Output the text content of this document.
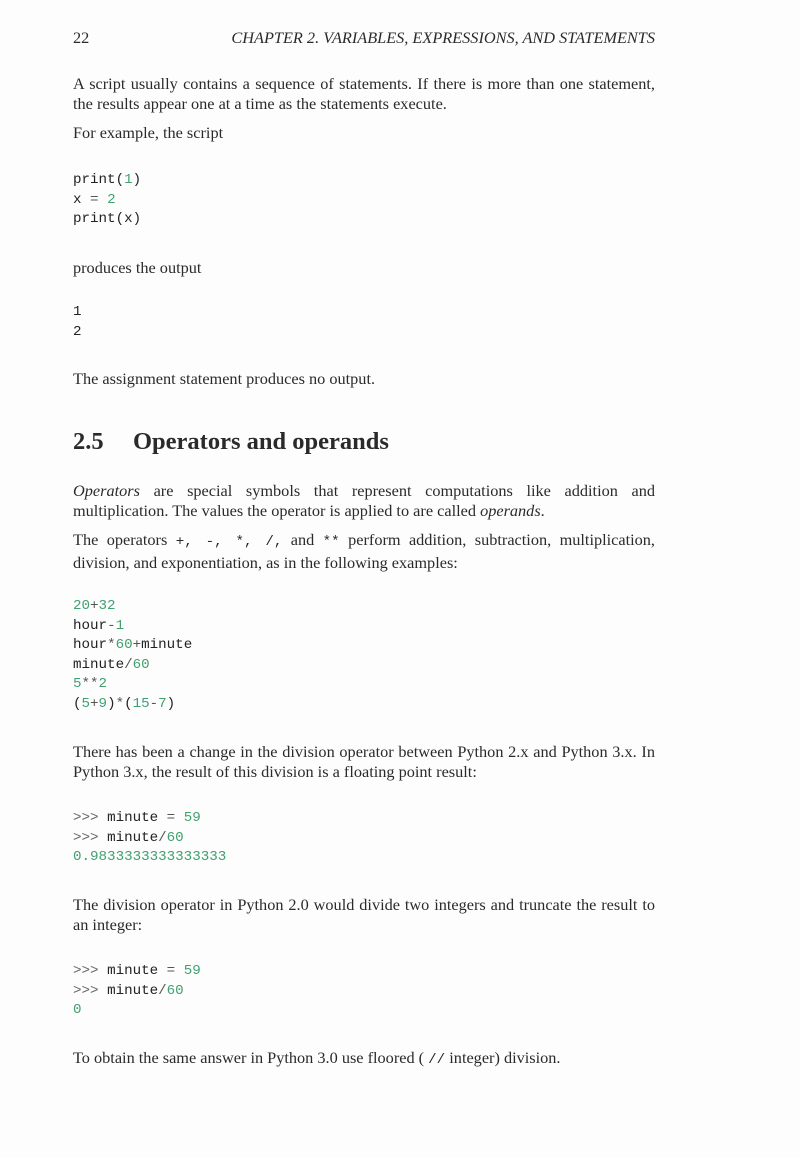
22	CHAPTER 2. VARIABLES, EXPRESSIONS, AND STATEMENTS
A script usually contains a sequence of statements. If there is more than one statement, the results appear one at a time as the statements execute.
For example, the script
print(1)
x = 2
print(x)
produces the output
1
2
The assignment statement produces no output.
2.5 Operators and operands
Operators are special symbols that represent computations like addition and multiplication. The values the operator is applied to are called operands.
The operators +, -, *, /, and ** perform addition, subtraction, multiplication, division, and exponentiation, as in the following examples:
20+32
hour-1
hour*60+minute
minute/60
5**2
(5+9)*(15-7)
There has been a change in the division operator between Python 2.x and Python 3.x. In Python 3.x, the result of this division is a floating point result:
>>> minute = 59
>>> minute/60
0.9833333333333333
The division operator in Python 2.0 would divide two integers and truncate the result to an integer:
>>> minute = 59
>>> minute/60
0
To obtain the same answer in Python 3.0 use floored ( // integer) division.
